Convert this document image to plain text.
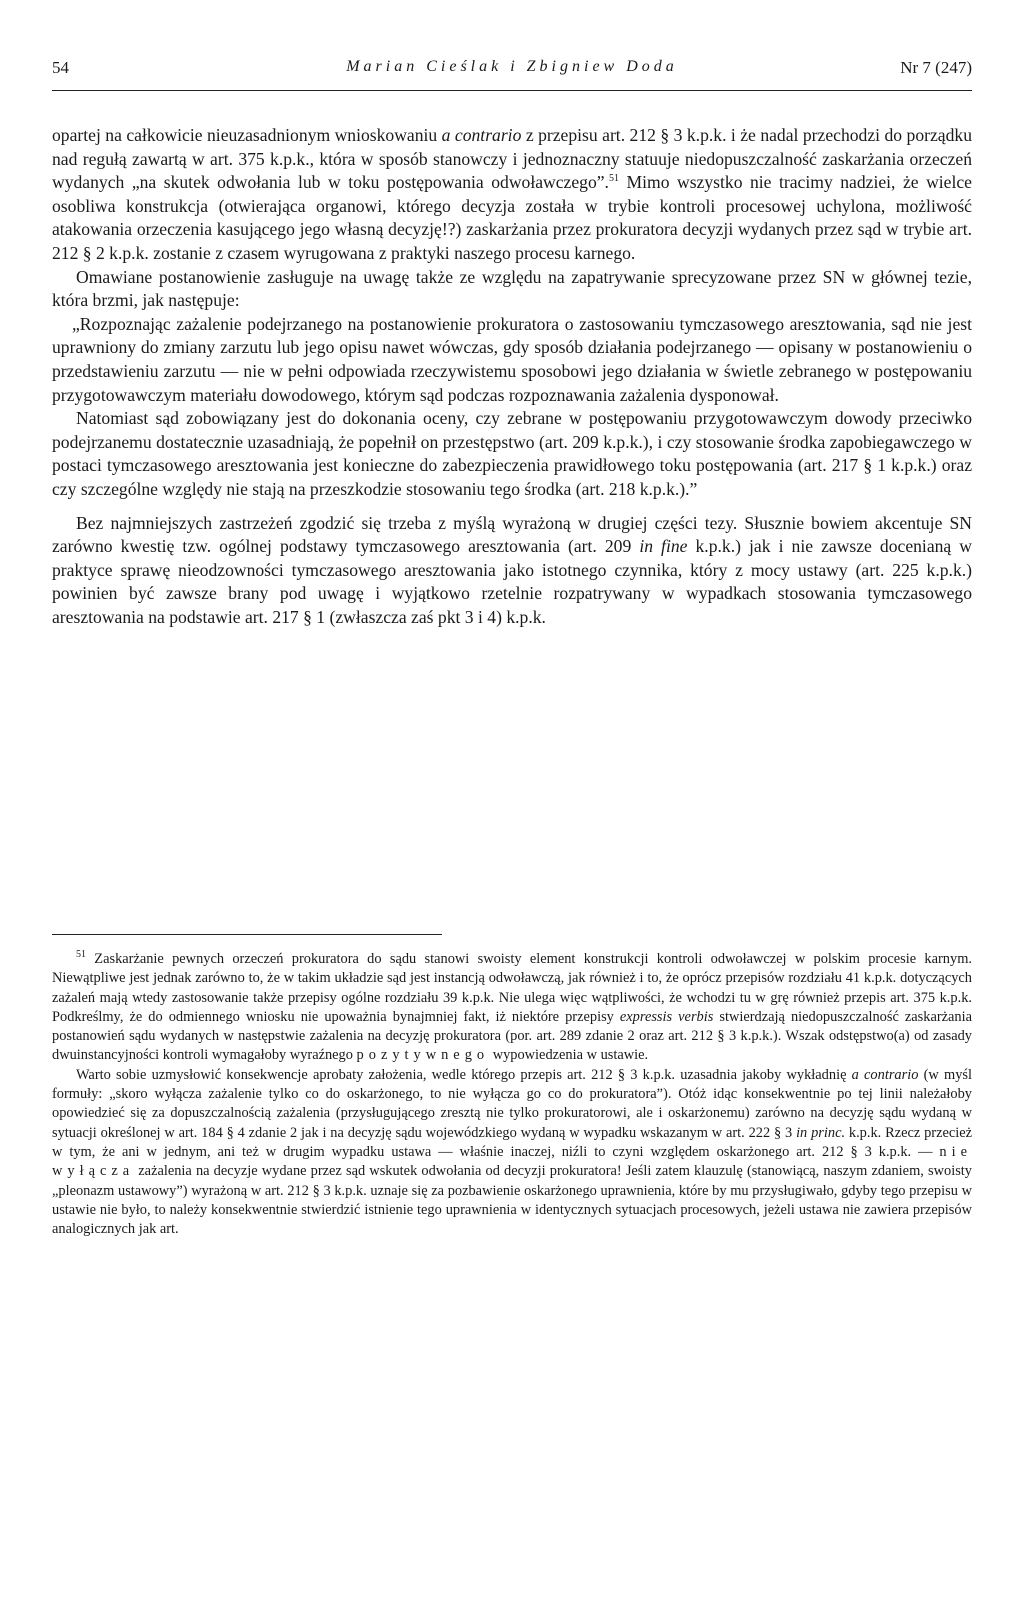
54	Marian Cieślak i Zbigniew Doda	Nr 7 (247)

opartej na całkowicie nieuzasadnionym wnioskowaniu a contrario z przepisu art. 212 § 3 k.p.k. i że nadal przechodzi do porządku nad regułą zawartą w art. 375 k.p.k., która w sposób stanowczy i jednoznaczny statuuje niedopuszczalność zaskarżania orzeczeń wydanych „na skutek odwołania lub w toku postępowania odwoławczego”.$^{51}$ Mimo wszystko nie tracimy nadziei, że wielce osobliwa konstrukcja (otwierająca organowi, którego decyzja została w trybie kontroli procesowej uchylona, możliwość atakowania orzeczenia kasującego jego własną decyzję!?) zaskarżania przez prokuratora decyzji wydanych przez sąd w trybie art. 212 § 2 k.p.k. zostanie z czasem wyrugowana z praktyki naszego procesu karnego.

Omawiane postanowienie zasługuje na uwagę także ze względu na zapatrywanie sprecyzowane przez SN w głównej tezie, która brzmi, jak następuje:

„Rozpoznając zażalenie podejrzanego na postanowienie prokuratora o zastosowaniu tymczasowego aresztowania, sąd nie jest uprawniony do zmiany zarzutu lub jego opisu nawet wówczas, gdy sposób działania podejrzanego — opisany w postanowieniu o przedstawieniu zarzutu — nie w pełni odpowiada rzeczywistemu sposobowi jego działania w świetle zebranego w postępowaniu przygotowawczym materiału dowodowego, którym sąd podczas rozpoznawania zażalenia dysponował.

Natomiast sąd zobowiązany jest do dokonania oceny, czy zebrane w postępowaniu przygotowawczym dowody przeciwko podejrzanemu dostatecznie uzasadniają, że popełnił on przestępstwo (art. 209 k.p.k.), i czy stosowanie środka zapobiegawczego w postaci tymczasowego aresztowania jest konieczne do zabezpieczenia prawidłowego toku postępowania (art. 217 § 1 k.p.k.) oraz czy szczególne względy nie stają na przeszkodzie stosowaniu tego środka (art. 218 k.p.k.).”

Bez najmniejszych zastrzeżeń zgodzić się trzeba z myślą wyrażoną w drugiej części tezy. Słusznie bowiem akcentuje SN zarówno kwestię tzw. ogólnej podstawy tymczasowego aresztowania (art. 209 in fine k.p.k.) jak i nie zawsze docenianą w praktyce sprawę nieodzowności tymczasowego aresztowania jako istotnego czynnika, który z mocy ustawy (art. 225 k.p.k.) powinien być zawsze brany pod uwagę i wyjątkowo rzetelnie rozpatrywany w wypadkach stosowania tymczasowego aresztowania na podstawie art. 217 § 1 (zwłaszcza zaś pkt 3 i 4) k.p.k.

$^{51}$ Zaskarżanie pewnych orzeczeń prokuratora do sądu stanowi swoisty element konstrukcji kontroli odwoławczej w polskim procesie karnym. Niewątpliwe jest jednak zarówno to, że w takim układzie sąd jest instancją odwoławczą, jak również i to, że oprócz przepisów rozdziału 41 k.p.k. dotyczących zażaleń mają wtedy zastosowanie także przepisy ogólne rozdziału 39 k.p.k. Nie ulega więc wątpliwości, że wchodzi tu w grę również przepis art. 375 k.p.k. Podkreślmy, że do odmiennego wniosku nie upoważnia bynajmniej fakt, iż niektóre przepisy expressis verbis stwierdzają niedopuszczalność zaskarżania postanowień sądu wydanych w następstwie zażalenia na decyzję prokuratora (por. art. 289 zdanie 2 oraz art. 212 § 3 k.p.k.). Wszak odstępstwo(a) od zasady dwuinstancyjności kontroli wymagałoby wyraźnego pozytywnego wypowiedzenia w ustawie.

Warto sobie uzmysłowić konsekwencje aprobaty założenia, wedle którego przepis art. 212 § 3 k.p.k. uzasadnia jakoby wykładnię a contrario (w myśl formuły: „skoro wyłącza zażalenie tylko co do oskarżonego, to nie wyłącza go co do prokuratora”). Otóż idąc konsekwentnie po tej linii należałoby opowiedzieć się za dopuszczalnością zażalenia (przysługującego zresztą nie tylko prokuratorowi, ale i oskarżonemu) zarówno na decyzję sądu wydaną w sytuacji określonej w art. 184 § 4 zdanie 2 jak i na decyzję sądu wojewódzkiego wydaną w wypadku wskazanym w art. 222 § 3 in princ. k.p.k. Rzecz przecież w tym, że ani w jednym, ani też w drugim wypadku ustawa — właśnie inaczej, niźli to czyni względem oskarżonego art. 212 § 3 k.p.k. — nie wyłącza zażalenia na decyzje wydane przez sąd wskutek odwołania od decyzji prokuratora! Jeśli zatem klauzulę (stanowiącą, naszym zdaniem, swoisty „pleonazm ustawowy”) wyrażoną w art. 212 § 3 k.p.k. uznaje się za pozbawienie oskarżonego uprawnienia, które by mu przysługiwało, gdyby tego przepisu w ustawie nie było, to należy konsekwentnie stwierdzić istnienie tego uprawnienia w identycznych sytuacjach procesowych, jeżeli ustawa nie zawiera przepisów analogicznych jak art.
